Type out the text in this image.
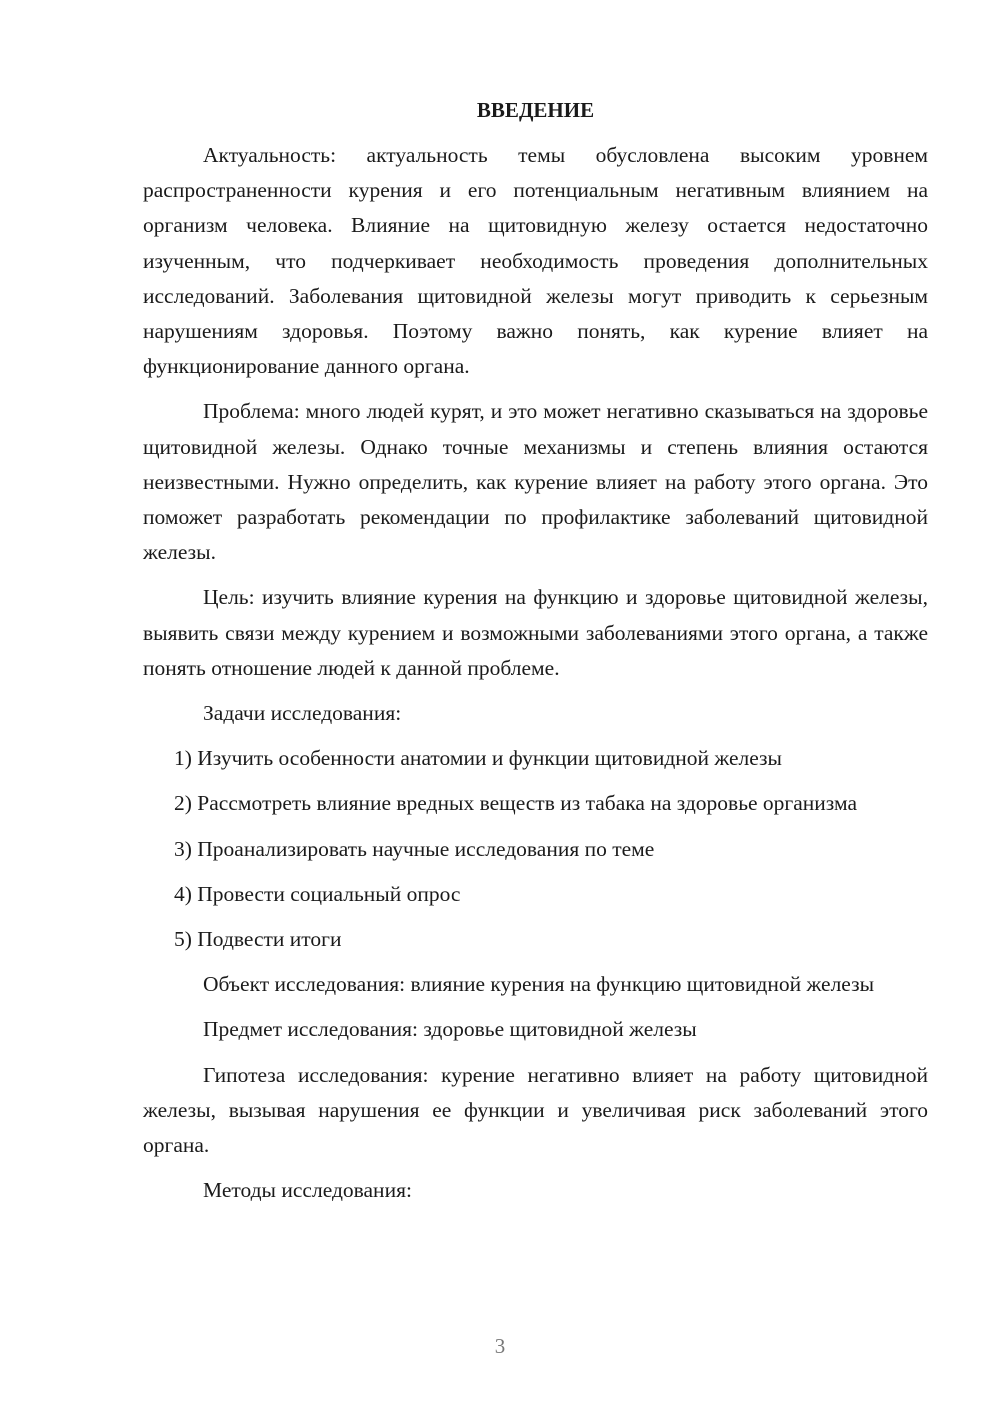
ВВЕДЕНИЕ

Актуальность: актуальность темы обусловлена высоким уровнем распространенности курения и его потенциальным негативным влиянием на организм человека. Влияние на щитовидную железу остается недостаточно изученным, что подчеркивает необходимость проведения дополнительных исследований. Заболевания щитовидной железы могут приводить к серьезным нарушениям здоровья. Поэтому важно понять, как курение влияет на функционирование данного органа.

Проблема: много людей курят, и это может негативно сказываться на здоровье щитовидной железы. Однако точные механизмы и степень влияния остаются неизвестными. Нужно определить, как курение влияет на работу этого органа. Это поможет разработать рекомендации по профилактике заболеваний щитовидной железы.

Цель: изучить влияние курения на функцию и здоровье щитовидной железы, выявить связи между курением и возможными заболеваниями этого органа, а также понять отношение людей к данной проблеме.

Задачи исследования:

1) Изучить особенности анатомии и функции щитовидной железы

2) Рассмотреть влияние вредных веществ из табака на здоровье организма

3) Проанализировать научные исследования по теме

4) Провести социальный опрос

5) Подвести итоги

Объект исследования: влияние курения на функцию щитовидной железы

Предмет исследования: здоровье щитовидной железы

Гипотеза исследования: курение негативно влияет на работу щитовидной железы, вызывая нарушения ее функции и увеличивая риск заболеваний этого органа.

Методы исследования:

3
